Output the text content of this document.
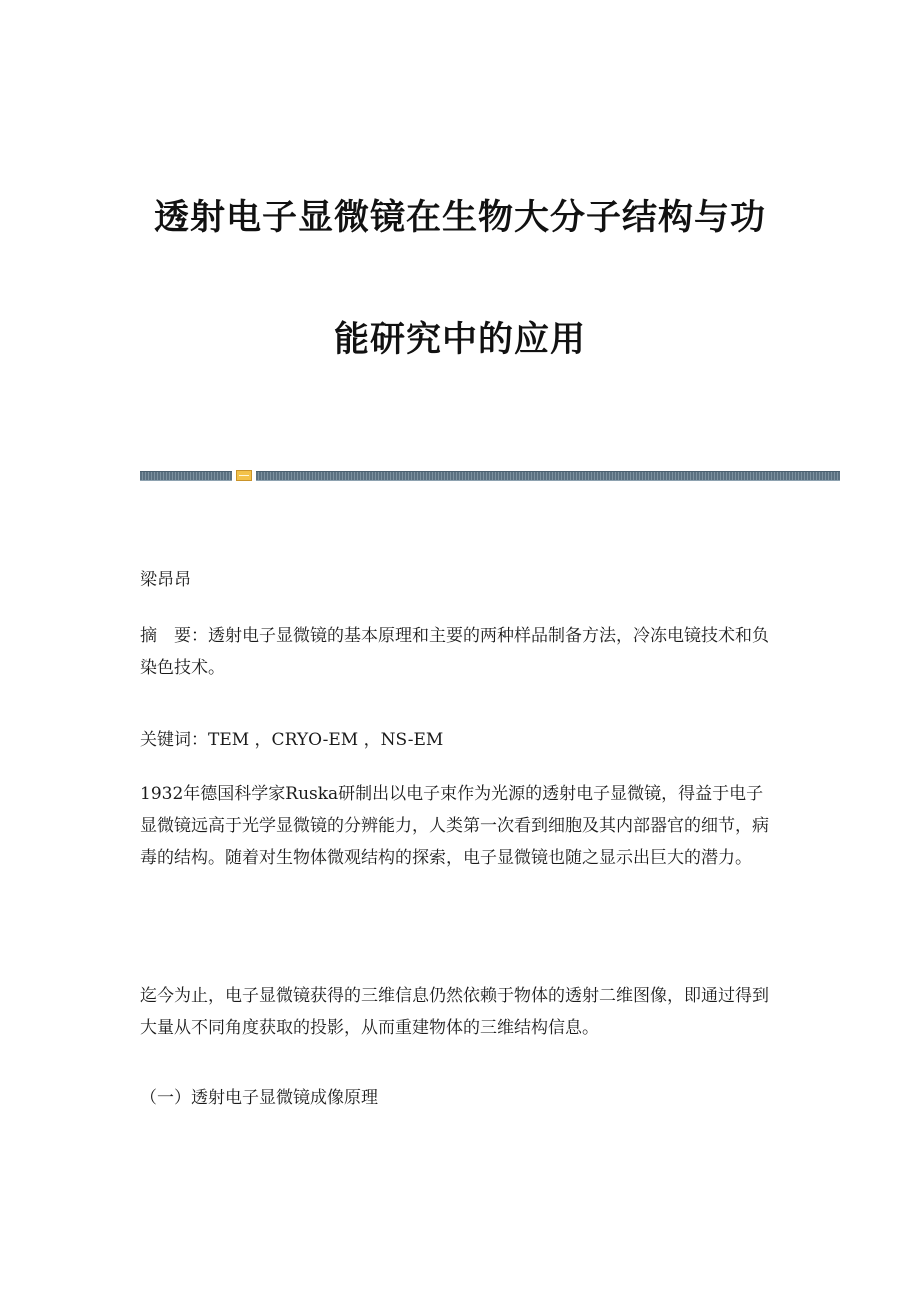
透射电子显微镜在生物大分子结构与功
能研究中的应用

梁昂昂

摘　要：透射电子显微镜的基本原理和主要的两种样品制备方法，冷冻电镜技术和负染色技术。

关键词：TEM ，CRYO-EM ，NS-EM

1932年德国科学家Ruska研制出以电子束作为光源的透射电子显微镜，得益于电子显微镜远高于光学显微镜的分辨能力，人类第一次看到细胞及其内部器官的细节，病毒的结构。随着对生物体微观结构的探索，电子显微镜也随之显示出巨大的潜力。

迄今为止，电子显微镜获得的三维信息仍然依赖于物体的透射二维图像，即通过得到大量从不同角度获取的投影，从而重建物体的三维结构信息。

（一）透射电子显微镜成像原理
